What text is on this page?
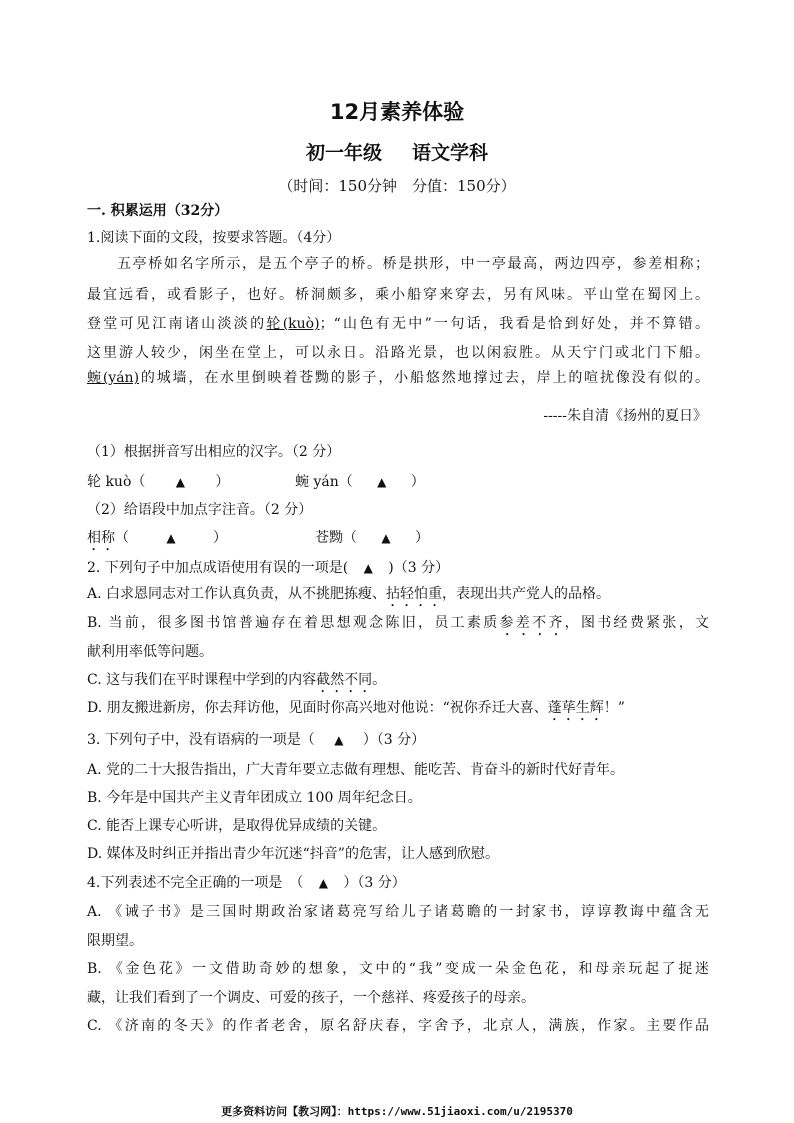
12月素养体验
初一年级 语文学科
（时间：150分钟　分值：150分）
一. 积累运用（32分）
1.阅读下面的文段，按要求答题。（4分）
五亭桥如名字所示，是五个亭子的桥。桥是拱形，中一亭最高，两边四亭，参差相称；
最宜远看，或看影子，也好。桥洞颇多，乘小船穿来穿去，另有风味。平山堂在蜀冈上。
登堂可见江南诸山淡淡的轮(kuò)；“山色有无中”一句话，我看是恰到好处，并不算错。
这里游人较少，闲坐在堂上，可以永日。沿路光景，也以闲寂胜。从天宁门或北门下船。
蜿(yán)的城墙，在水里倒映着苍黝的影子，小船悠然地撑过去，岸上的喧扰像没有似的。
-----朱自清《扬州的夏日》
（1）根据拼音写出相应的汉字。（2 分）
轮 kuò（	▲ ）	蜿 yán（ ▲ ）
（2）给语段中加点字注音。（2 分）
相称（	▲	）	苍黝（ ▲ ）
2. 下列句子中加点成语使用有误的一项是( ▲ )（3 分）
A. 白求恩同志对工作认真负责，从不挑肥拣瘦、拈轻怕重，表现出共产党人的品格。
B. 当前，很多图书馆普遍存在着思想观念陈旧，员工素质参差不齐，图书经费紧张，文
献利用率低等问题。
C. 这与我们在平时课程中学到的内容截然不同。
D. 朋友搬进新房，你去拜访他，见面时你高兴地对他说：“祝你乔迁大喜、蓬荜生辉！”
3. 下列句子中，没有语病的一项是（ ▲ ）（3 分）
A. 党的二十大报告指出，广大青年要立志做有理想、能吃苦、肯奋斗的新时代好青年。
B. 今年是中国共产主义青年团成立 100 周年纪念日。
C. 能否上课专心听讲，是取得优异成绩的关键。
D. 媒体及时纠正并指出青少年沉迷“抖音”的危害，让人感到欣慰。
4.下列表述不完全正确的一项是　（ ▲ ）（3 分）
A. 《诫子书》是三国时期政治家诸葛亮写给儿子诸葛瞻的一封家书，谆谆教诲中蕴含无
限期望。
B. 《金色花》一文借助奇妙的想象，文中的“我”变成一朵金色花，和母亲玩起了捉迷
藏，让我们看到了一个调皮、可爱的孩子，一个慈祥、疼爱孩子的母亲。
C. 《济南的冬天》的作者老舍，原名舒庆春，字舍予，北京人，满族，作家。主要作品
更多资料访问【教习网】：https://www.51jiaoxi.com/u/2195370
